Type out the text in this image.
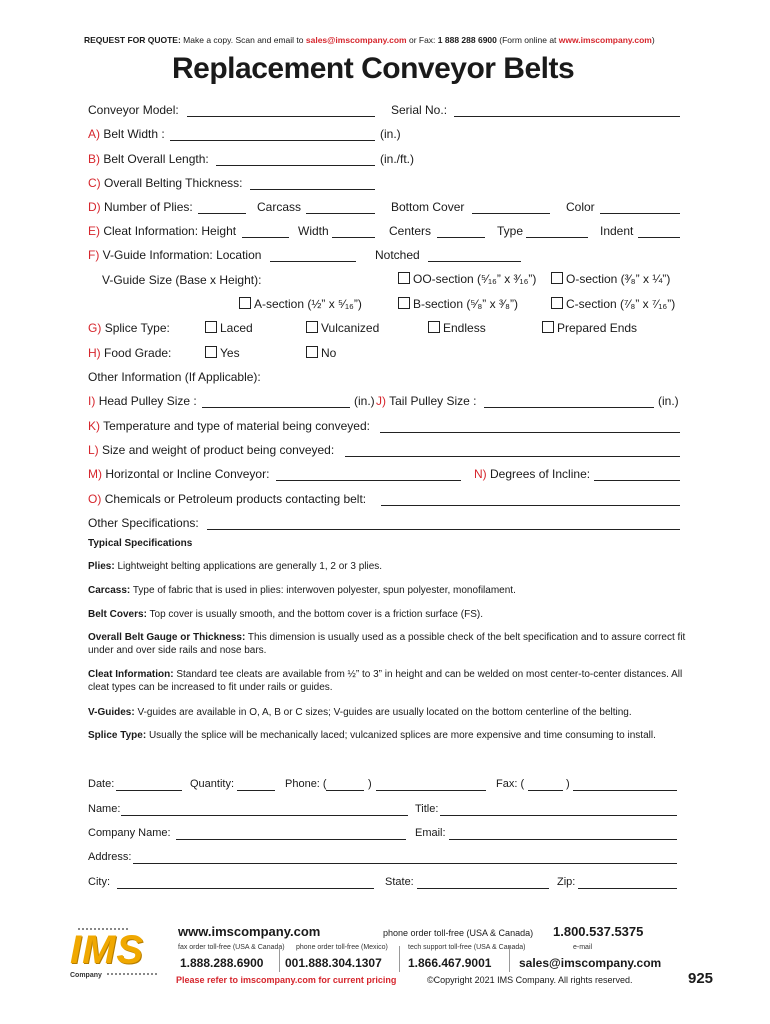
REQUEST FOR QUOTE: Make a copy. Scan and email to sales@imscompany.com or Fax: 1 888 288 6900 (Form online at www.imscompany.com)
Replacement Conveyor Belts
Conveyor Model:	Serial No.:
A) Belt Width :	(in.)
B) Belt Overall Length:	(in./ft.)
C) Overall Belting Thickness:
D) Number of Plies:	Carcass	Bottom Cover	Color
E) Cleat Information: Height	Width	Centers	Type	Indent
F) V-Guide Information: Location	Notched
V-Guide Size (Base x Height):	OO-section (⁵⁄₁₆” x ³⁄₁₆”)	O-section (³⁄₈” x ¼”)
A-section (½” x ⁵⁄₁₆”)	B-section (⁵⁄₈” x ³⁄₈”)	C-section (⁷⁄₈” x ⁷⁄₁₆”)
G) Splice Type:	Laced	Vulcanized	Endless	Prepared Ends
H) Food Grade:	Yes	No
Other Information (If Applicable):
I) Head Pulley Size :	(in.) J) Tail Pulley Size :	(in.)
K) Temperature and type of material being conveyed:
L) Size and weight of product being conveyed:
M) Horizontal or Incline Conveyor:	N) Degrees of Incline:
O) Chemicals or Petroleum products contacting belt:
Other Specifications:
Typical Specifications
Plies: Lightweight belting applications are generally 1, 2 or 3 plies.
Carcass: Type of fabric that is used in plies: interwoven polyester, spun polyester, monofilament.
Belt Covers: Top cover is usually smooth, and the bottom cover is a friction surface (FS).
Overall Belt Gauge or Thickness: This dimension is usually used as a possible check of the belt specification and to assure correct fit under and over side rails and nose bars.
Cleat Information: Standard tee cleats are available from ½” to 3” in height and can be welded on most center-to-center distances. All cleat types can be increased to fit under rails or guides.
V-Guides: V-guides are available in O, A, B or C sizes; V-guides are usually located on the bottom centerline of the belting.
Splice Type: Usually the splice will be mechanically laced; vulcanized splices are more expensive and time consuming to install.
Date:	Quantity:	Phone: (	)	Fax: (	)
Name:	Title:
Company Name:	Email:
Address:
City:	State:	Zip:
IMS
Company
www.imscompany.com	phone order toll-free (USA & Canada) 1.800.537.5375
fax order toll-free (USA & Canada) phone order toll-free (Mexico)	tech support toll-free (USA & Canada)	e-mail
1.888.288.6900 001.888.304.1307 1.866.467.9001 sales@imscompany.com
Please refer to imscompany.com for current pricing	©Copyright 2021 IMS Company. All rights reserved.	925
